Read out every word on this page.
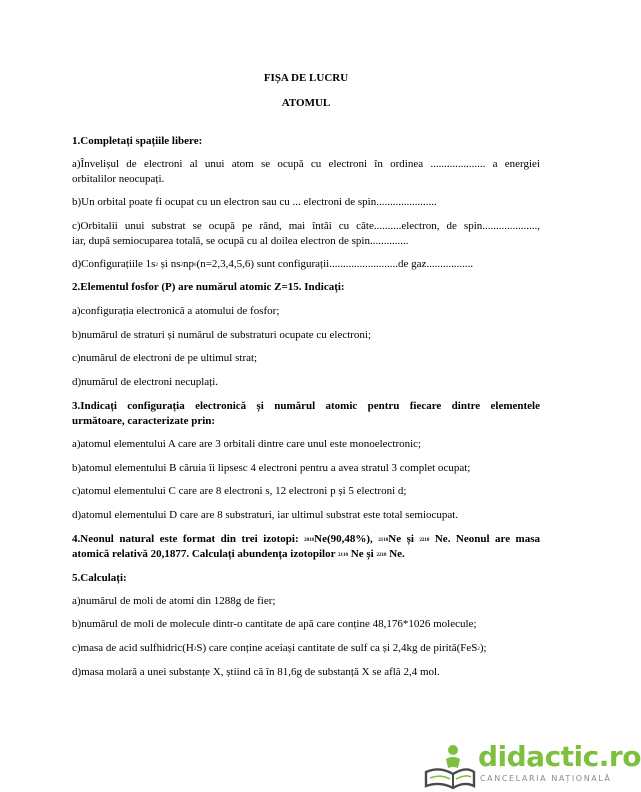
FIȘA DE LUCRU
ATOMUL
1.Completați spațiile libere:
a)Învelișul de electroni al unui atom se ocupă cu electroni în ordinea .................... a energiei
orbitalilor neocupați.
b)Un orbital poate fi ocupat cu un electron sau cu ... electroni de spin......................
c)Orbitalii unui substrat se ocupă pe rând, mai întâi cu câte..........electron, de spin....................,
iar, după semiocuparea totală, se ocupă cu al doilea electron de spin..............
d)Configurațiile 1s2 și ns2np6(n=2,3,4,5,6) sunt configurații.........................de gaz.................
2.Elementul fosfor (P) are numărul atomic Z=15. Indicați:
a)configurația electronică a atomului de fosfor;
b)numărul de straturi și numărul de substraturi ocupate cu electroni;
c)numărul de electroni de pe ultimul strat;
d)numărul de electroni necuplați.
3.Indicați configurația electronică și numărul atomic pentru fiecare dintre elementele
următoare, caracterizate prin:
a)atomul elementului A care are 3 orbitali dintre care unul este monoelectronic;
b)atomul elementului B căruia îi lipsesc 4 electroni pentru a avea stratul 3 complet ocupat;
c)atomul elementului C care are 8 electroni s, 12 electroni p și 5 electroni d;
d)atomul elementului D care are 8 substraturi, iar ultimul substrat este total semiocupat.
4.Neonul natural este format din trei izotopi: 2010Ne(90,48%), 2110Ne și 2210 Ne. Neonul are masa
atomică relativă 20,1877. Calculați abundența izotopilor 2110 Ne și 2210 Ne.
5.Calculați:
a)numărul de moli de atomi din 1288g de fier;
b)numărul de moli de molecule dintr-o cantitate de apă care conține 48,176*1026 molecule;
c)masa de acid sulfhidric(H2S) care conține aceiași cantitate de sulf ca și 2,4kg de pirită(FeS2);
d)masa molară a unei substanțe X, știind că în 81,6g de substanță X se află 2,4 mol.
didactic.ro
CANCELARIA NAȚIONALĂ
